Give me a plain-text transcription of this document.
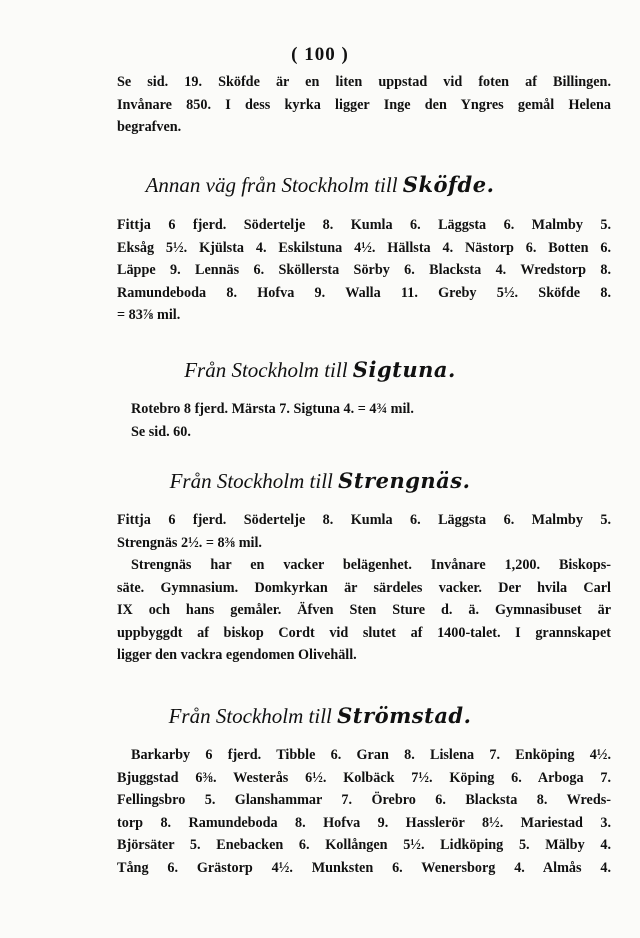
( 100 )
Se sid. 19. Sköfde är en liten uppstad vid foten af Billingen.
Invånare 850. I dess kyrka ligger Inge den Yngres gemål Helena
begrafven.
Annan väg från Stockholm till Sköfde.
Fittja 6 fjerd. Södertelje 8. Kumla 6. Läggsta 6. Malmby 5.
Eksåg 5½. Kjülsta 4. Eskilstuna 4½. Hällsta 4. Nästorp 6. Botten 6.
Läppe 9. Lennäs 6. Sköllersta Sörby 6. Blacksta 4. Wredstorp 8.
Ramundeboda 8. Hofva 9. Walla 11. Greby 5½. Sköfde 8.
= 83⅞ mil.
Från Stockholm till Sigtuna.
Rotebro 8 fjerd. Märsta 7. Sigtuna 4. = 4¾ mil.
Se sid. 60.
Från Stockholm till Strengnäs.
Fittja 6 fjerd. Södertelje 8. Kumla 6. Läggsta 6. Malmby 5.
Strengnäs 2½. = 8⅜ mil.
Strengnäs har en vacker belägenhet. Invånare 1,200. Biskops-
säte. Gymnasium. Domkyrkan är särdeles vacker. Der hvila Carl
IX och hans gemåler. Äfven Sten Sture d. ä. Gymnasibuset är
uppbyggdt af biskop Cordt vid slutet af 1400-talet. I grannskapet
ligger den vackra egendomen Olivehäll.
Från Stockholm till Strömstad.
Barkarby 6 fjerd. Tibble 6. Gran 8. Lislena 7. Enköping 4½.
Bjuggstad 6⅜. Westerås 6½. Kolbäck 7½. Köping 6. Arboga 7.
Fellingsbro 5. Glanshammar 7. Örebro 6. Blacksta 8. Wreds-
torp 8. Ramundeboda 8. Hofva 9. Hasslerör 8½. Mariestad 3.
Björsäter 5. Enebacken 6. Kollången 5½. Lidköping 5. Mälby 4.
Tång 6. Grästorp 4½. Munksten 6. Wenersborg 4. Almås 4.
